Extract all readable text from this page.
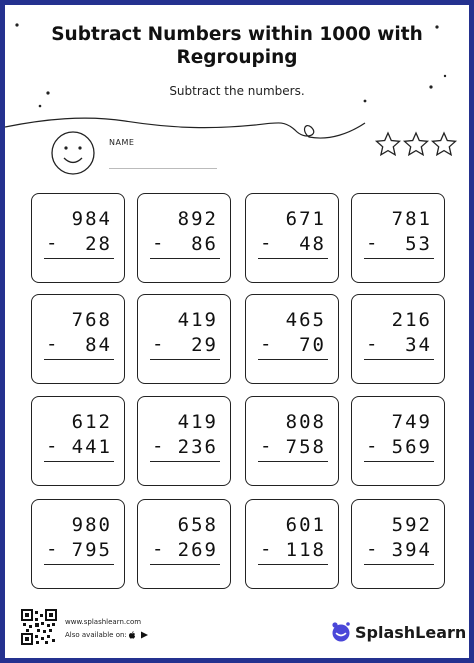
Subtract Numbers within 1000 with
Regrouping
Subtract the numbers.
NAME
984
- 28
892
- 86
671
- 48
781
- 53
768
- 84
419
- 29
465
- 70
216
- 34
612
- 441
419
- 236
808
- 758
749
- 569
980
- 795
658
- 269
601
- 118
592
- 394
www.splashlearn.com
Also available on:	SplashLearn
